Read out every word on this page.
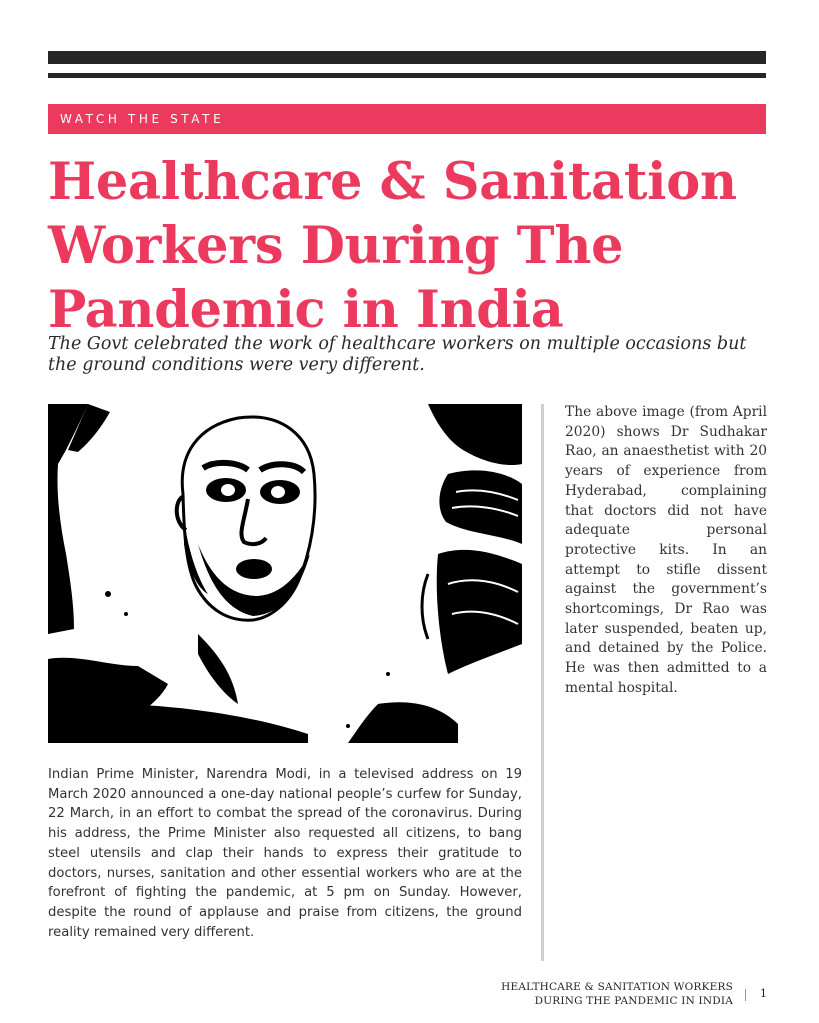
WATCH THE STATE
Healthcare & Sanitation Workers During The Pandemic in India

The Govt celebrated the work of healthcare workers on multiple occasions but the ground conditions were very different.

Indian Prime Minister, Narendra Modi, in a televised address on 19 March 2020 announced a one-day national people’s curfew for Sunday, 22 March, in an effort to combat the spread of the coronavirus. During his address, the Prime Minister also requested all citizens, to bang steel utensils and clap their hands to express their gratitude to doctors, nurses, sanitation and other essential workers who are at the forefront of fighting the pandemic, at 5 pm on Sunday. However, despite the round of applause and praise from citizens, the ground reality remained very different.

The above image (from April 2020) shows Dr Sudhakar Rao, an anaesthetist with 20 years of experience from Hyderabad, complaining that doctors did not have adequate personal protective kits. In an attempt to stifle dissent against the government’s shortcomings, Dr Rao was later suspended, beaten up, and detained by the Police. He was then admitted to a mental hospital.

HEALTHCARE & SANITATION WORKERS
DURING THE PANDEMIC IN INDIA
1
